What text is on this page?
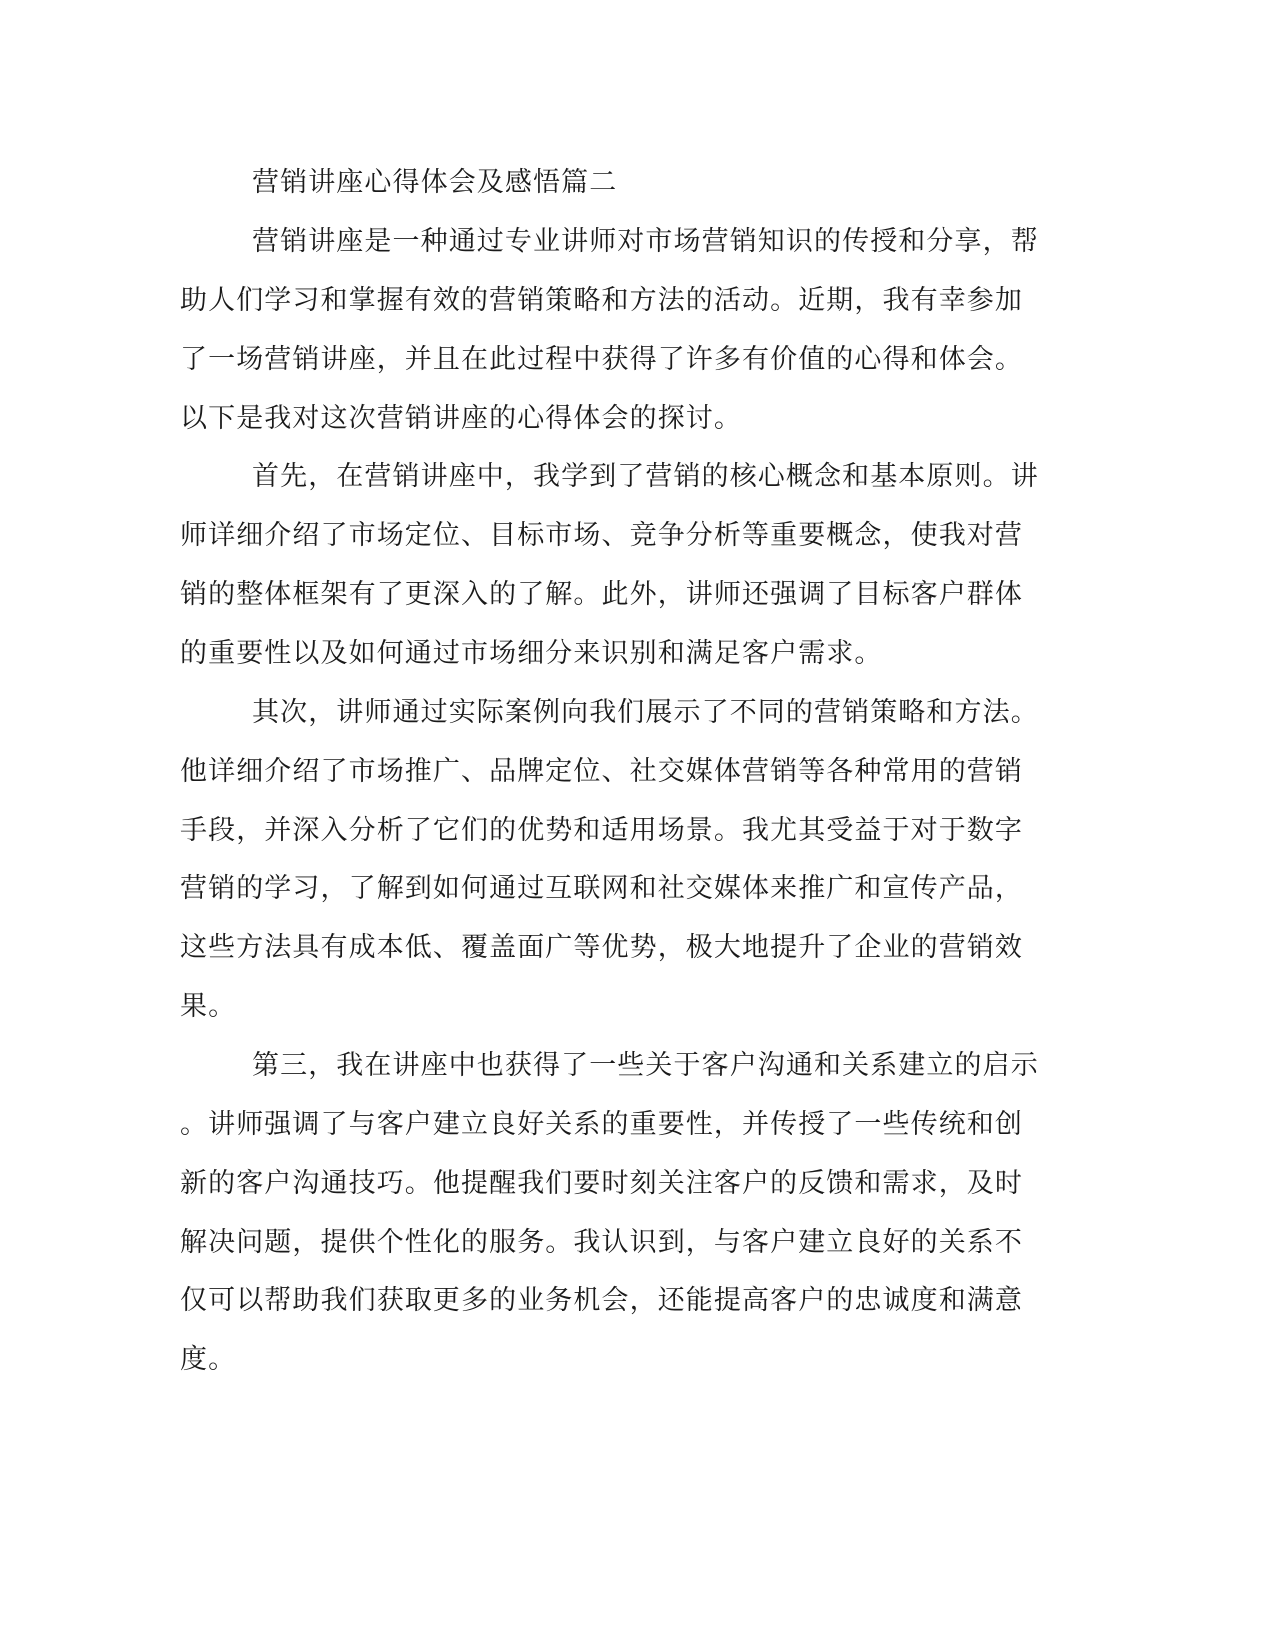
营销讲座心得体会及感悟篇二
营销讲座是一种通过专业讲师对市场营销知识的传授和分享，帮
助人们学习和掌握有效的营销策略和方法的活动。近期，我有幸参加
了一场营销讲座，并且在此过程中获得了许多有价值的心得和体会。
以下是我对这次营销讲座的心得体会的探讨。
首先，在营销讲座中，我学到了营销的核心概念和基本原则。讲
师详细介绍了市场定位、目标市场、竞争分析等重要概念，使我对营
销的整体框架有了更深入的了解。此外，讲师还强调了目标客户群体
的重要性以及如何通过市场细分来识别和满足客户需求。
其次，讲师通过实际案例向我们展示了不同的营销策略和方法。
他详细介绍了市场推广、品牌定位、社交媒体营销等各种常用的营销
手段，并深入分析了它们的优势和适用场景。我尤其受益于对于数字
营销的学习，了解到如何通过互联网和社交媒体来推广和宣传产品，
这些方法具有成本低、覆盖面广等优势，极大地提升了企业的营销效
果。
第三，我在讲座中也获得了一些关于客户沟通和关系建立的启示
。讲师强调了与客户建立良好关系的重要性，并传授了一些传统和创
新的客户沟通技巧。他提醒我们要时刻关注客户的反馈和需求，及时
解决问题，提供个性化的服务。我认识到，与客户建立良好的关系不
仅可以帮助我们获取更多的业务机会，还能提高客户的忠诚度和满意
度。
